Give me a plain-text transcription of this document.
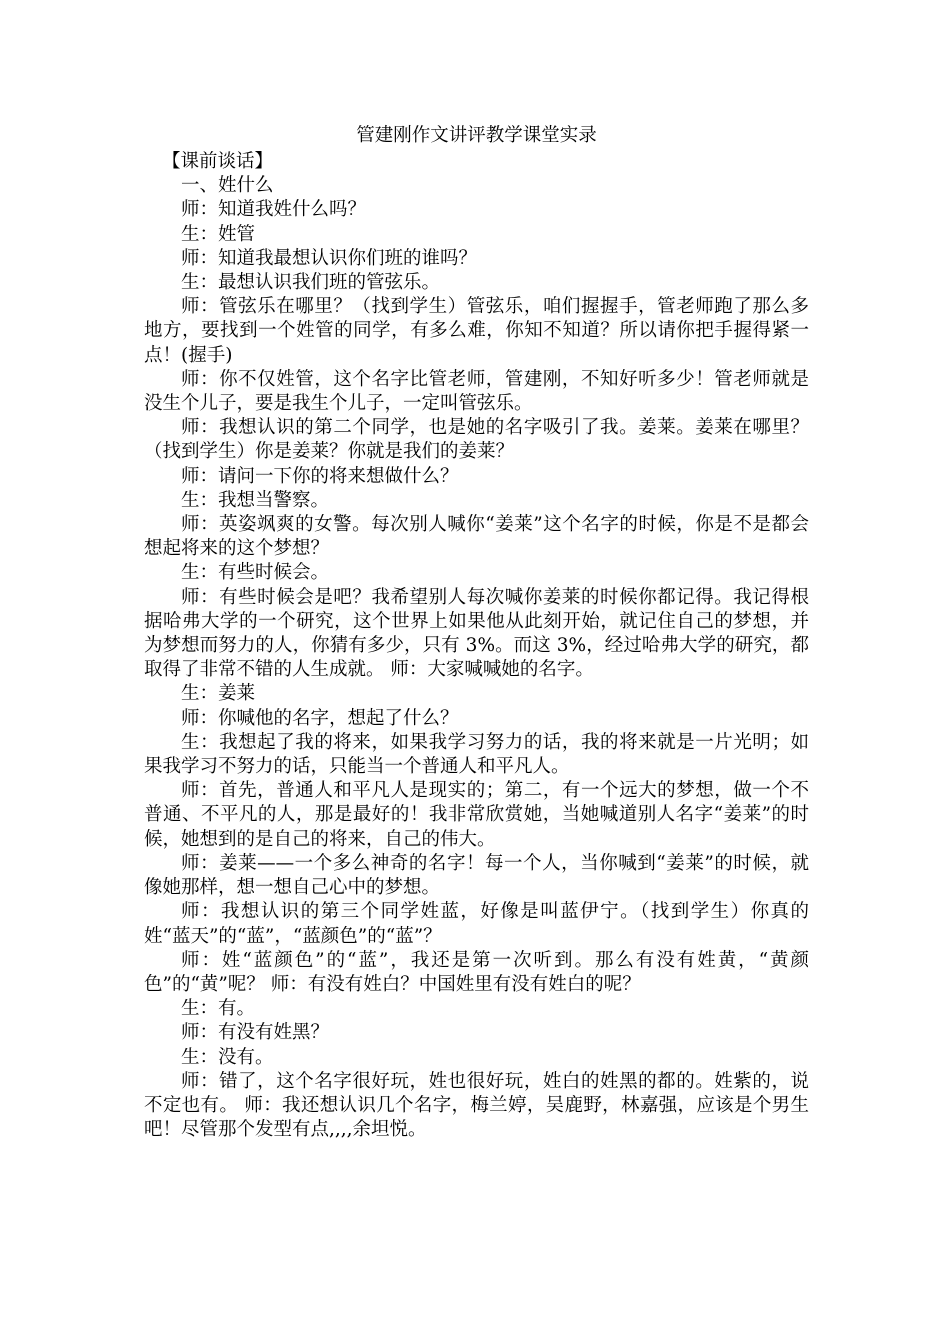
管建刚作文讲评教学课堂实录

【课前谈话】

一、姓什么

师：知道我姓什么吗？

生：姓管

师：知道我最想认识你们班的谁吗？

生：最想认识我们班的管弦乐。

师：管弦乐在哪里？（找到学生）管弦乐，咱们握握手，管老师跑了那么多地方，要找到一个姓管的同学，有多么难，你知不知道？所以请你把手握得紧一点！(握手)

师：你不仅姓管，这个名字比管老师，管建刚，不知好听多少！管老师就是没生个儿子，要是我生个儿子，一定叫管弦乐。

师：我想认识的第二个同学，也是她的名字吸引了我。姜莱。姜莱在哪里？（找到学生）你是姜莱？你就是我们的姜莱？

师：请问一下你的将来想做什么？

生：我想当警察。

师：英姿飒爽的女警。每次别人喊你“姜莱”这个名字的时候，你是不是都会想起将来的这个梦想？

生：有些时候会。

师：有些时候会是吧？我希望别人每次喊你姜莱的时候你都记得。我记得根据哈弗大学的一个研究，这个世界上如果他从此刻开始，就记住自己的梦想，并为梦想而努力的人，你猜有多少，只有 3%。而这 3%，经过哈弗大学的研究，都取得了非常不错的人生成就。 师：大家喊喊她的名字。

生：姜莱

师：你喊他的名字，想起了什么？

生：我想起了我的将来，如果我学习努力的话，我的将来就是一片光明；如果我学习不努力的话，只能当一个普通人和平凡人。

师：首先，普通人和平凡人是现实的；第二，有一个远大的梦想，做一个不普通、不平凡的人，那是最好的！我非常欣赏她，当她喊道别人名字“姜莱”的时候，她想到的是自己的将来，自己的伟大。

师：姜莱——一个多么神奇的名字！每一个人，当你喊到“姜莱”的时候，就像她那样，想一想自己心中的梦想。

师：我想认识的第三个同学姓蓝，好像是叫蓝伊宁。（找到学生）你真的姓“蓝天”的“蓝”，“蓝颜色”的“蓝”？

师：姓“蓝颜色”的“蓝”，我还是第一次听到。那么有没有姓黄，“黄颜色”的“黄”呢？ 师：有没有姓白？中国姓里有没有姓白的呢？

生：有。

师：有没有姓黑？

生：没有。

师：错了，这个名字很好玩，姓也很好玩，姓白的姓黑的都的。姓紫的，说不定也有。 师：我还想认识几个名字，梅兰婷，吴鹿野，林嘉强，应该是个男生吧！尽管那个发型有点,,,,余坦悦。
